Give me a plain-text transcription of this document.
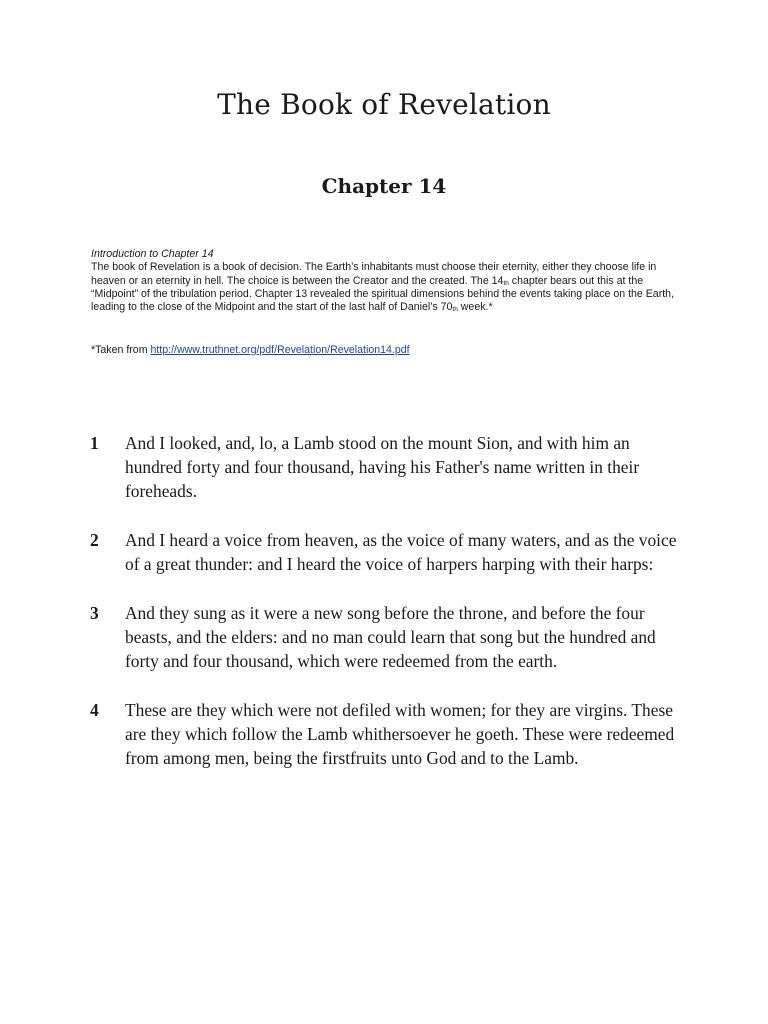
The Book of Revelation
Chapter 14
Introduction to Chapter 14
The book of Revelation is a book of decision. The Earth’s inhabitants must choose their eternity, either they choose life in heaven or an eternity in hell. The choice is between the Creator and the created. The $14_{th}$ chapter bears out this at the “Midpoint” of the tribulation period. Chapter 13 revealed the spiritual dimensions behind the events taking place on the Earth, leading to the close of the Midpoint and the start of the last half of Daniel’s $70_{th}$ week.*
*Taken from http://www.truthnet.org/pdf/Revelation/Revelation14.pdf
1 And I looked, and, lo, a Lamb stood on the mount Sion, and with him an hundred forty and four thousand, having his Father's name written in their foreheads.
2 And I heard a voice from heaven, as the voice of many waters, and as the voice of a great thunder: and I heard the voice of harpers harping with their harps:
3 And they sung as it were a new song before the throne, and before the four beasts, and the elders: and no man could learn that song but the hundred and forty and four thousand, which were redeemed from the earth.
4 These are they which were not defiled with women; for they are virgins. These are they which follow the Lamb whithersoever he goeth. These were redeemed from among men, being the firstfruits unto God and to the Lamb.
